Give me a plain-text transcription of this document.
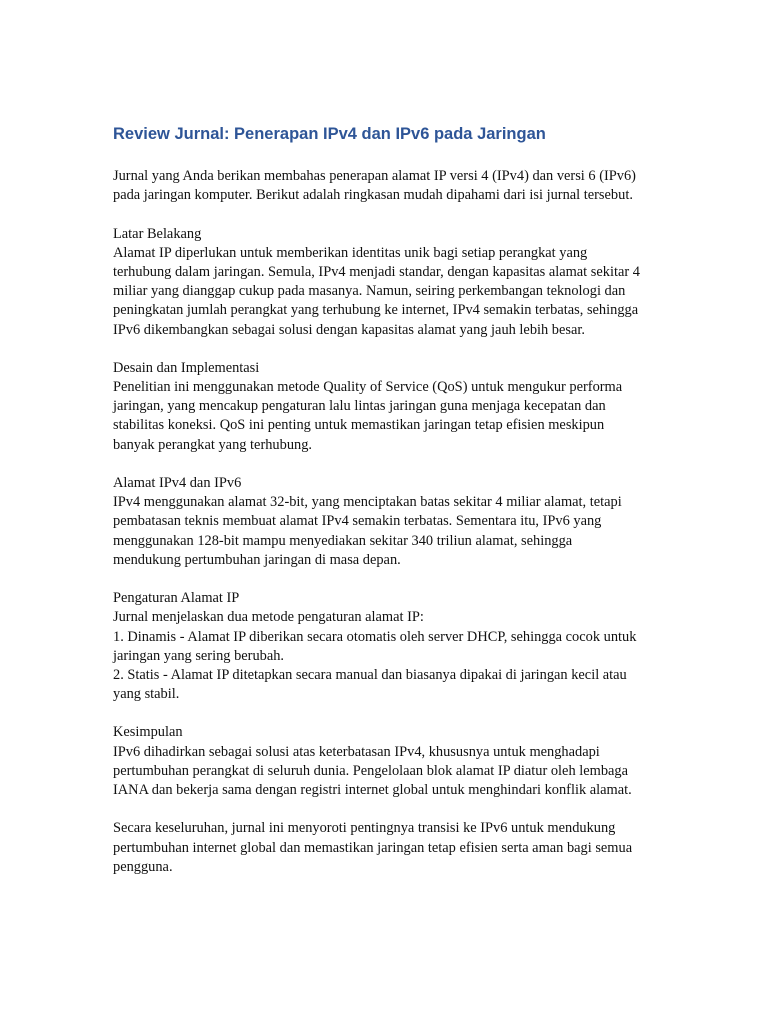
Review Jurnal: Penerapan IPv4 dan IPv6 pada Jaringan
Jurnal yang Anda berikan membahas penerapan alamat IP versi 4 (IPv4) dan versi 6 (IPv6)
pada jaringan komputer. Berikut adalah ringkasan mudah dipahami dari isi jurnal tersebut.
Latar Belakang
Alamat IP diperlukan untuk memberikan identitas unik bagi setiap perangkat yang
terhubung dalam jaringan. Semula, IPv4 menjadi standar, dengan kapasitas alamat sekitar 4
miliar yang dianggap cukup pada masanya. Namun, seiring perkembangan teknologi dan
peningkatan jumlah perangkat yang terhubung ke internet, IPv4 semakin terbatas, sehingga
IPv6 dikembangkan sebagai solusi dengan kapasitas alamat yang jauh lebih besar.
Desain dan Implementasi
Penelitian ini menggunakan metode Quality of Service (QoS) untuk mengukur performa
jaringan, yang mencakup pengaturan lalu lintas jaringan guna menjaga kecepatan dan
stabilitas koneksi. QoS ini penting untuk memastikan jaringan tetap efisien meskipun
banyak perangkat yang terhubung.
Alamat IPv4 dan IPv6
IPv4 menggunakan alamat 32-bit, yang menciptakan batas sekitar 4 miliar alamat, tetapi
pembatasan teknis membuat alamat IPv4 semakin terbatas. Sementara itu, IPv6 yang
menggunakan 128-bit mampu menyediakan sekitar 340 triliun alamat, sehingga
mendukung pertumbuhan jaringan di masa depan.
Pengaturan Alamat IP
Jurnal menjelaskan dua metode pengaturan alamat IP:
1. Dinamis - Alamat IP diberikan secara otomatis oleh server DHCP, sehingga cocok untuk
jaringan yang sering berubah.
2. Statis - Alamat IP ditetapkan secara manual dan biasanya dipakai di jaringan kecil atau
yang stabil.
Kesimpulan
IPv6 dihadirkan sebagai solusi atas keterbatasan IPv4, khususnya untuk menghadapi
pertumbuhan perangkat di seluruh dunia. Pengelolaan blok alamat IP diatur oleh lembaga
IANA dan bekerja sama dengan registri internet global untuk menghindari konflik alamat.
Secara keseluruhan, jurnal ini menyoroti pentingnya transisi ke IPv6 untuk mendukung
pertumbuhan internet global dan memastikan jaringan tetap efisien serta aman bagi semua
pengguna.
